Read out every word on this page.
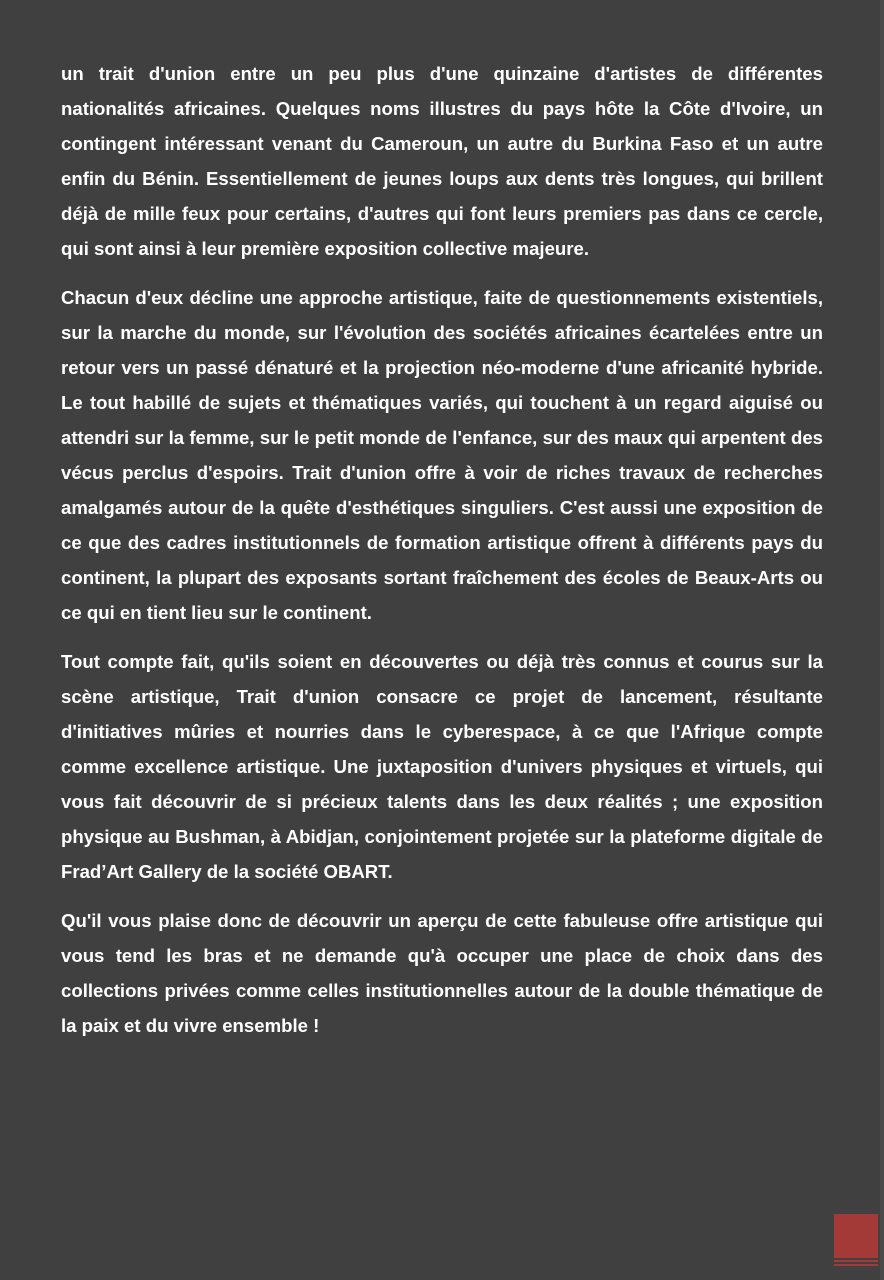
un trait d'union entre un peu plus d'une quinzaine d'artistes de différentes nationalités africaines. Quelques noms illustres du pays hôte la Côte d'Ivoire, un contingent intéressant venant du Cameroun, un autre du Burkina Faso et un autre enfin du Bénin. Essentiellement de jeunes loups aux dents très longues, qui brillent déjà de mille feux pour certains, d'autres qui font leurs premiers pas dans ce cercle, qui sont ainsi à leur première exposition collective majeure.

Chacun d'eux décline une approche artistique, faite de questionnements existentiels, sur la marche du monde, sur l'évolution des sociétés africaines écartelées entre un retour vers un passé dénaturé et la projection néo-moderne d'une africanité hybride. Le tout habillé de sujets et thématiques variés, qui touchent à un regard aiguisé ou attendri sur la femme, sur le petit monde de l'enfance, sur des maux qui arpentent des vécus perclus d'espoirs. Trait d'union offre à voir de riches travaux de recherches amalgamés autour de la quête d'esthétiques singuliers. C'est aussi une exposition de ce que des cadres institutionnels de formation artistique offrent à différents pays du continent, la plupart des exposants sortant fraîchement des écoles de Beaux-Arts ou ce qui en tient lieu sur le continent.

Tout compte fait, qu'ils soient en découvertes ou déjà très connus et courus sur la scène artistique, Trait d'union consacre ce projet de lancement, résultante d'initiatives mûries et nourries dans le cyberespace, à ce que l'Afrique compte comme excellence artistique. Une juxtaposition d'univers physiques et virtuels, qui vous fait découvrir de si précieux talents dans les deux réalités ; une exposition physique au Bushman, à Abidjan, conjointement projetée sur la plateforme digitale de Frad’Art Gallery de la société OBART.

Qu'il vous plaise donc de découvrir un aperçu de cette fabuleuse offre artistique qui vous tend les bras et ne demande qu'à occuper une place de choix dans des collections privées comme celles institutionnelles autour de la double thématique de la paix et du vivre ensemble !
